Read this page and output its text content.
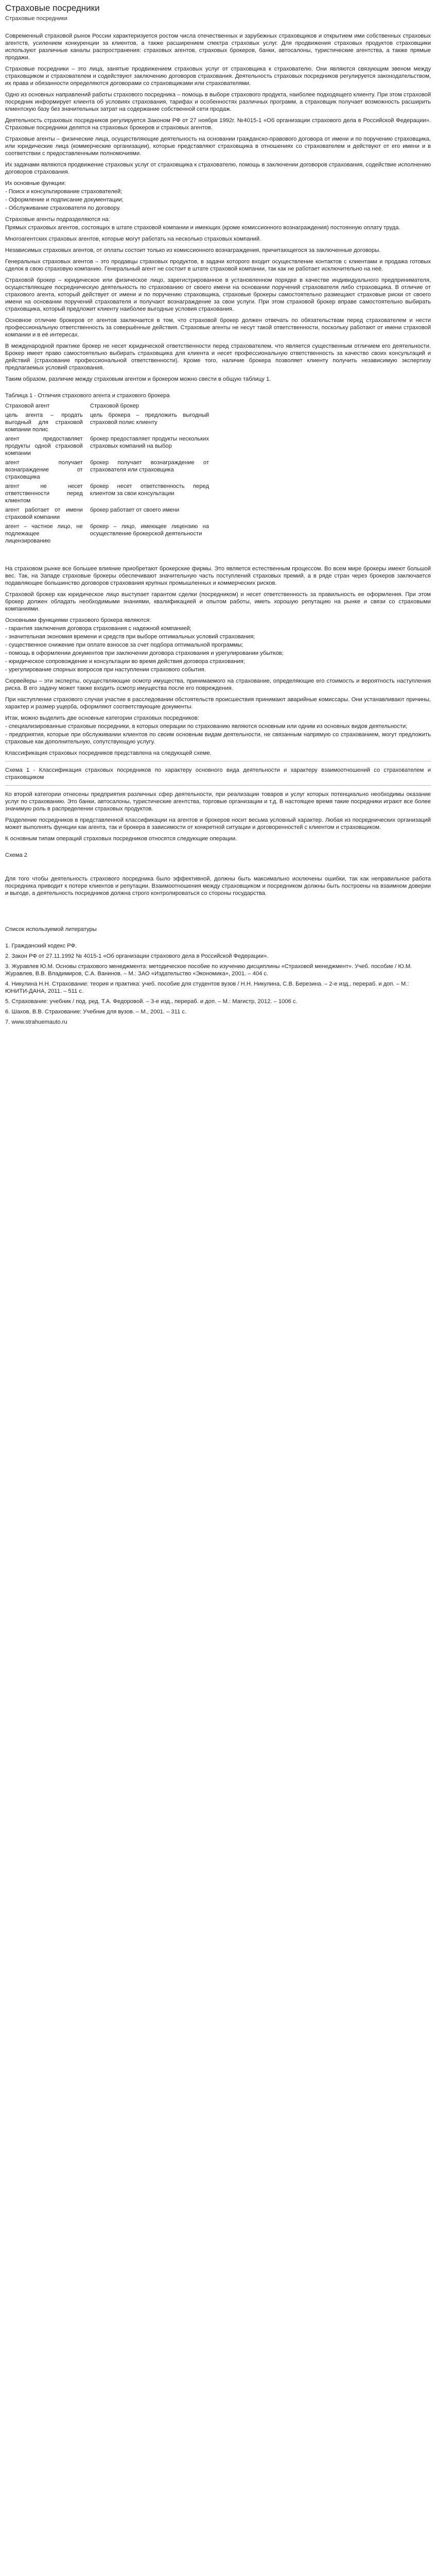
Страховые посредники
Страховые посредники

Современный страховой рынок России характеризуется ростом числа отечественных и зарубежных страховщиков и открытием ими собственных страховых агентств, усилением конкуренции за клиентов, а также расширением спектра страховых услуг. Для продвижения страховых продуктов страховщики используют различные каналы распространения: страховых агентов, страховых брокеров, банки, автосалоны, туристические агентства, а также прямые продажи.

Страховые посредники – это лица, занятые продвижением страховых услуг от страховщика к страхователю. Они являются связующим звеном между страховщиком и страхователем и содействуют заключению договоров страхования. Деятельность страховых посредников регулируется законодательством, их права и обязанности определяются договорами со страховщиками или страхователями.

Одно из основных направлений работы страхового посредника – помощь в выборе страхового продукта, наиболее подходящего клиенту. При этом страховой посредник информирует клиента об условиях страхования, тарифах и особенностях различных программ, а страховщик получает возможность расширить клиентскую базу без значительных затрат на содержание собственной сети продаж.

Деятельность страховых посредников регулируется Законом РФ от 27 ноября 1992г. №4015-1 «Об организации страхового дела в Российской Федерации». Страховые посредники делятся на страховых брокеров и страховых агентов.

Страховые агенты – физические лица, осуществляющие деятельность на основании гражданско-правового договора от имени и по поручению страховщика, или юридические лица (коммерческие организации), которые представляют страховщика в отношениях со страхователем и действуют от его имени и в соответствии с предоставленными полномочиями.

Их задачами являются продвижение страховых услуг от страховщика к страхователю, помощь в заключении договоров страхования, содействие исполнению договоров страхования.

Их основные функции:

- Поиск и консультирование страхователей;

- Оформление и подписание документации;

- Обслуживание страхователя по договору.

Страховые агенты подразделяются на:

Прямых страховых агентов, состоящих в штате страховой компании и имеющих (кроме комиссионного вознаграждения) постоянную оплату труда.

Многоагентских страховых агентов, которые могут работать на несколько страховых компаний.

Независимых страховых агентов, от оплаты состоит только из комиссионного вознаграждения, причитающегося за заключенные договоры.

Генеральных страховых агентов – это продавцы страховых продуктов, в задачи которого входит осуществление контактов с клиентами и продажа готовых сделок в свою страховую компанию. Генеральный агент не состоит в штате страховой компании, так как не работает исключительно на неё.

Страховой брокер – юридическое или физическое лицо, зарегистрированное в установленном порядке в качестве индивидуального предпринимателя, осуществляющее посредническую деятельность по страхованию от своего имени на основании поручений страхователя либо страховщика. В отличие от страхового агента, который действует от имени и по поручению страховщика, страховые брокеры самостоятельно размещают страховые риски от своего имени на основании поручений страхователя и получают вознаграждение за свои услуги. При этом страховой брокер вправе самостоятельно выбирать страховщика, который предложит клиенту наиболее выгодные условия страхования.

Основное отличие брокеров от агентов заключается в том, что страховой брокер должен отвечать по обязательствам перед страхователем и нести профессиональную ответственность за совершённые действия. Страховые агенты не несут такой ответственности, поскольку работают от имени страховой компании и в её интересах.

В международной практике брокер не несет юридической ответственности перед страхователем, что является существенным отличием его деятельности. Брокер имеет право самостоятельно выбирать страховщика для клиента и несет профессиональную ответственность за качество своих консультаций и действий (страхование профессиональной ответственности). Кроме того, наличие брокера позволяет клиенту получить независимую экспертизу предлагаемых условий страхования.

Таким образом, различие между страховым агентом и брокером можно свести в общую таблицу 1.

Таблица 1 - Отличия страхового агента и страхового брокера

Страховой агент	Страховой брокер
цель агента – продать выгодный для страховой компании полис	цель брокера – предложить выгодный страховой полис клиенту
агент предоставляет продукты одной страховой компании	брокер предоставляет продукты нескольких страховых компаний на выбор
агент получает вознаграждение от страховщика	брокер получает вознаграждение от страхователя или страховщика
агент не несет ответственности перед клиентом	брокер несет ответственность перед клиентом за свои консультации
агент работает от имени страховой компании	брокер работает от своего имени
агент – частное лицо, не подлежащее лицензированию	брокер – лицо, имеющее лицензию на осуществление брокерской деятельности

На страховом рынке все большее влияние приобретают брокерские фирмы. Это является естественным процессом. Во всем мире брокеры имеют большой вес. Так, на Западе страховые брокеры обеспечивают значительную часть поступлений страховых премий, а в ряде стран через брокеров заключается подавляющее большинство договоров страхования крупных промышленных и коммерческих рисков.

Страховой брокер как юридическое лицо выступает гарантом сделки (посредником) и несет ответственность за правильность ее оформления. При этом брокер должен обладать необходимыми знаниями, квалификацией и опытом работы, иметь хорошую репутацию на рынке и связи со страховыми компаниями.

Основными функциями страхового брокера являются:

- гарантия заключения договора страхования с надежной компанией;

- значительная экономия времени и средств при выборе оптимальных условий страхования;

- существенное снижение при оплате взносов за счет подбора оптимальной программы;

- помощь в оформлении документов при заключении договора страхования и урегулировании убытков;

- юридическое сопровождение и консультации во время действия договора страхования;

- урегулирование спорных вопросов при наступлении страхового события.

Сюрвейеры – эти эксперты, осуществляющие осмотр имущества, принимаемого на страхование, определяющие его стоимость и вероятность наступления риска. В его задачу может также входить осмотр имущества после его повреждения.

При наступлении страхового случая участие в расследовании обстоятельств происшествия принимают аварийные комиссары. Они устанавливают причины, характер и размер ущерба, оформляют соответствующие документы.

Итак, можно выделить две основные категории страховых посредников:

- специализированные страховые посредники, в которых операции по страхованию являются основным или одним из основных видов деятельности;

- предприятия, которые при обслуживании клиентов по своим основным видам деятельности, не связанным напрямую со страхованием, могут предложить страховые как дополнительную, сопутствующую услугу.

Классификация страховых посредников представлена на следующей схеме.

Схема 1 - Классификация страховых посредников по характеру основного вида деятельности и характеру взаимоотношений со страхователем и страховщиком

Ко второй категории отнесены предприятия различных сфер деятельности, при реализации товаров и услуг которых потенциально необходимы оказание услуг по страхованию. Это банки, автосалоны, туристические агентства, торговые организации и т.д. В настоящее время такие посредники играют все более значимую роль в распределении страховых продуктов.

Разделение посредников в представленной классификации на агентов и брокеров носит весьма условный характер. Любая из посреднических организаций может выполнять функции как агента, так и брокера в зависимости от конкретной ситуации и договоренностей с клиентом и страховщиком.

К основным типам операций страховых посредников относятся следующие операции.

Схема 2

Для того чтобы деятельность страхового посредника было эффективной, должны быть максимально исключены ошибки, так как неправильное работа посредника приводит к потере клиентов и репутации. Взаимоотношения между страховщиком и посредником должны быть построены на взаимном доверии и выгоде, а деятельность посредников должна строго контролироваться со стороны государства.

Список используемой литературы

1. Гражданский кодекс РФ.

2. Закон РФ от 27.11.1992 № 4015-1 «Об организации страхового дела в Российской Федерации».

3. Журавлев Ю.М. Основы страхового менеджмента: методическое пособие по изучению дисциплины «Страховой менеджмент». Учеб. пособие / Ю.М. Журавлев, В.В. Владимиров, С.А. Ванинов. – М.: ЗАО «Издательство «Экономика», 2001. – 404 с.

4. Никулина Н.Н. Страхование: теория и практика: учеб. пособие для студентов вузов / Н.Н. Никулина, С.В. Березина. – 2-е изд., перераб. и доп. – М.: ЮНИТИ-ДАНА, 2011. – 511 с.

5. Страхование: учебник / под. ред. Т.А. Федоровой. – 3-е изд., перераб. и доп. – М.: Магистр, 2012. – 1006 с.

6. Шахов, В.В. Страхование: Учебник для вузов. – М., 2001. – 311 с.

7. www.strahuemauto.ru
